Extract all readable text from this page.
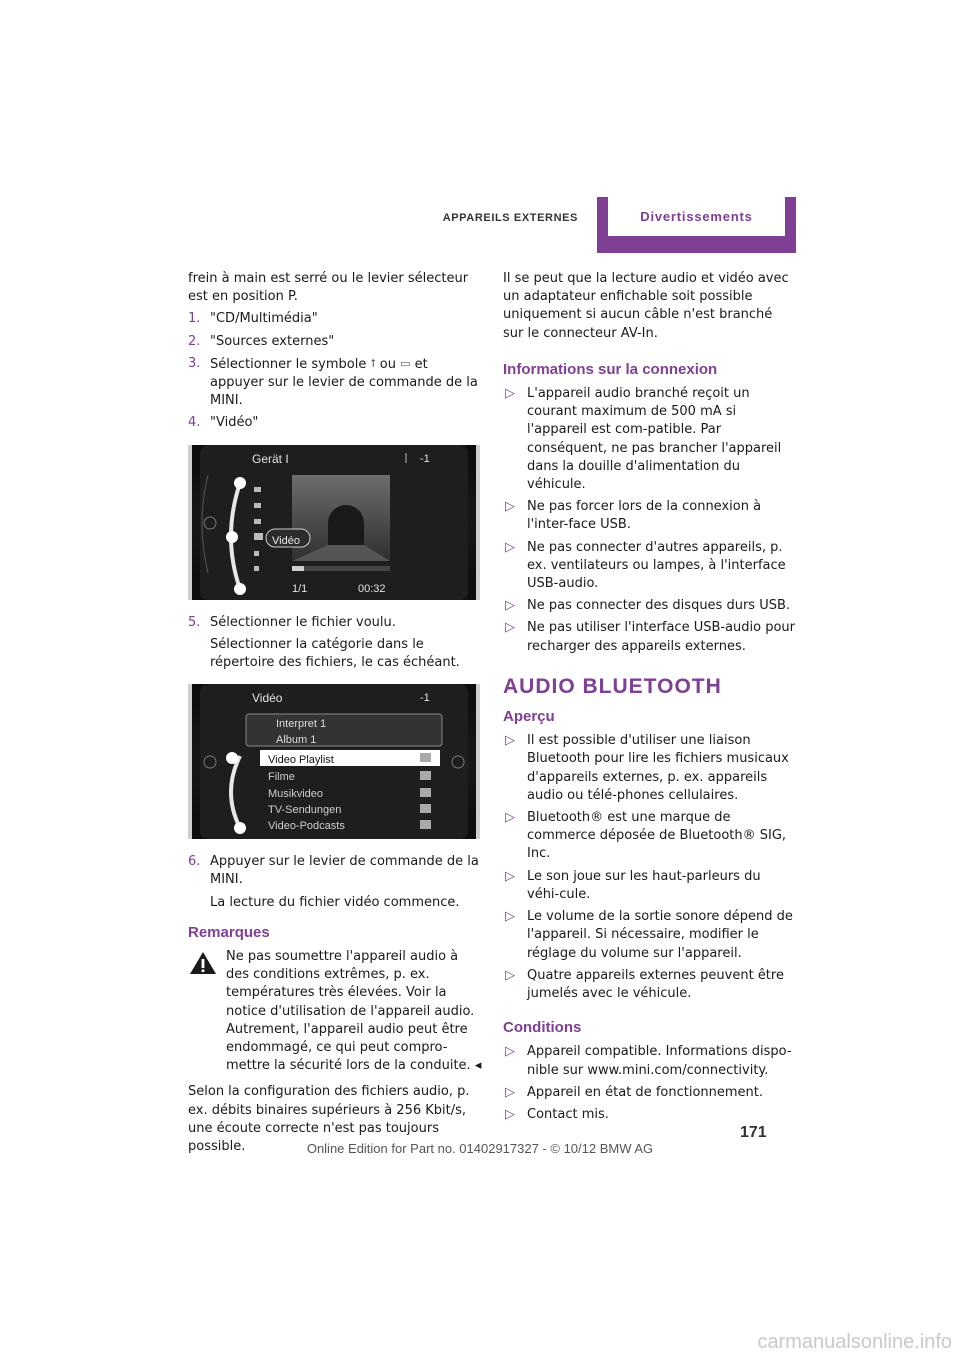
APPAREILS EXTERNES	Divertissements

frein à main est serré ou le levier sélecteur est en position P.

1. "CD/Multimédia"
2. "Sources externes"
3. Sélectionner le symbole ⭡ ou ▭ et appuyer sur le levier de commande de la MINI.
4. "Vidéo"
Gerät I	-1
Vidéo
1/1	00:32
5. Sélectionner le fichier voulu.
Sélectionner la catégorie dans le répertoire des fichiers, le cas échéant.
Vidéo	-1
Interpret 1
Album 1
Video Playlist
Filme
Musikvideo
TV-Sendungen
Video-Podcasts
6. Appuyer sur le levier de commande de la MINI.
La lecture du fichier vidéo commence.
Remarques
Ne pas soumettre l'appareil audio à des conditions extrêmes, p. ex. températures très élevées. Voir la notice d'utilisation de l'appareil audio. Autrement, l'appareil audio peut être endommagé, ce qui peut compro-mettre la sécurité lors de la conduite. ◂

Selon la configuration des fichiers audio, p. ex. débits binaires supérieurs à 256 Kbit/s, une écoute correcte n'est pas toujours possible.

Il se peut que la lecture audio et vidéo avec un adaptateur enfichable soit possible uniquement si aucun câble n'est branché sur le connecteur AV-In.

Informations sur la connexion
▷ L'appareil audio branché reçoit un courant maximum de 500 mA si l'appareil est com-patible. Par conséquent, ne pas brancher l'appareil dans la douille d'alimentation du véhicule.
▷ Ne pas forcer lors de la connexion à l'inter-face USB.
▷ Ne pas connecter d'autres appareils, p. ex. ventilateurs ou lampes, à l'interface USB-audio.
▷ Ne pas connecter des disques durs USB.
▷ Ne pas utiliser l'interface USB-audio pour recharger des appareils externes.
AUDIO BLUETOOTH
Aperçu
▷ Il est possible d'utiliser une liaison Bluetooth pour lire les fichiers musicaux d'appareils externes, p. ex. appareils audio ou télé-phones cellulaires.
▷ Bluetooth® est une marque de commerce déposée de Bluetooth® SIG, Inc.
▷ Le son joue sur les haut-parleurs du véhi-cule.
▷ Le volume de la sortie sonore dépend de l'appareil. Si nécessaire, modifier le réglage du volume sur l'appareil.
▷ Quatre appareils externes peuvent être jumelés avec le véhicule.
Conditions
▷ Appareil compatible. Informations dispo-nible sur www.mini.com/connectivity.
▷ Appareil en état de fonctionnement.
▷ Contact mis.
171
Online Edition for Part no. 01402917327 - © 10/12 BMW AG
carmanualsonline.info
